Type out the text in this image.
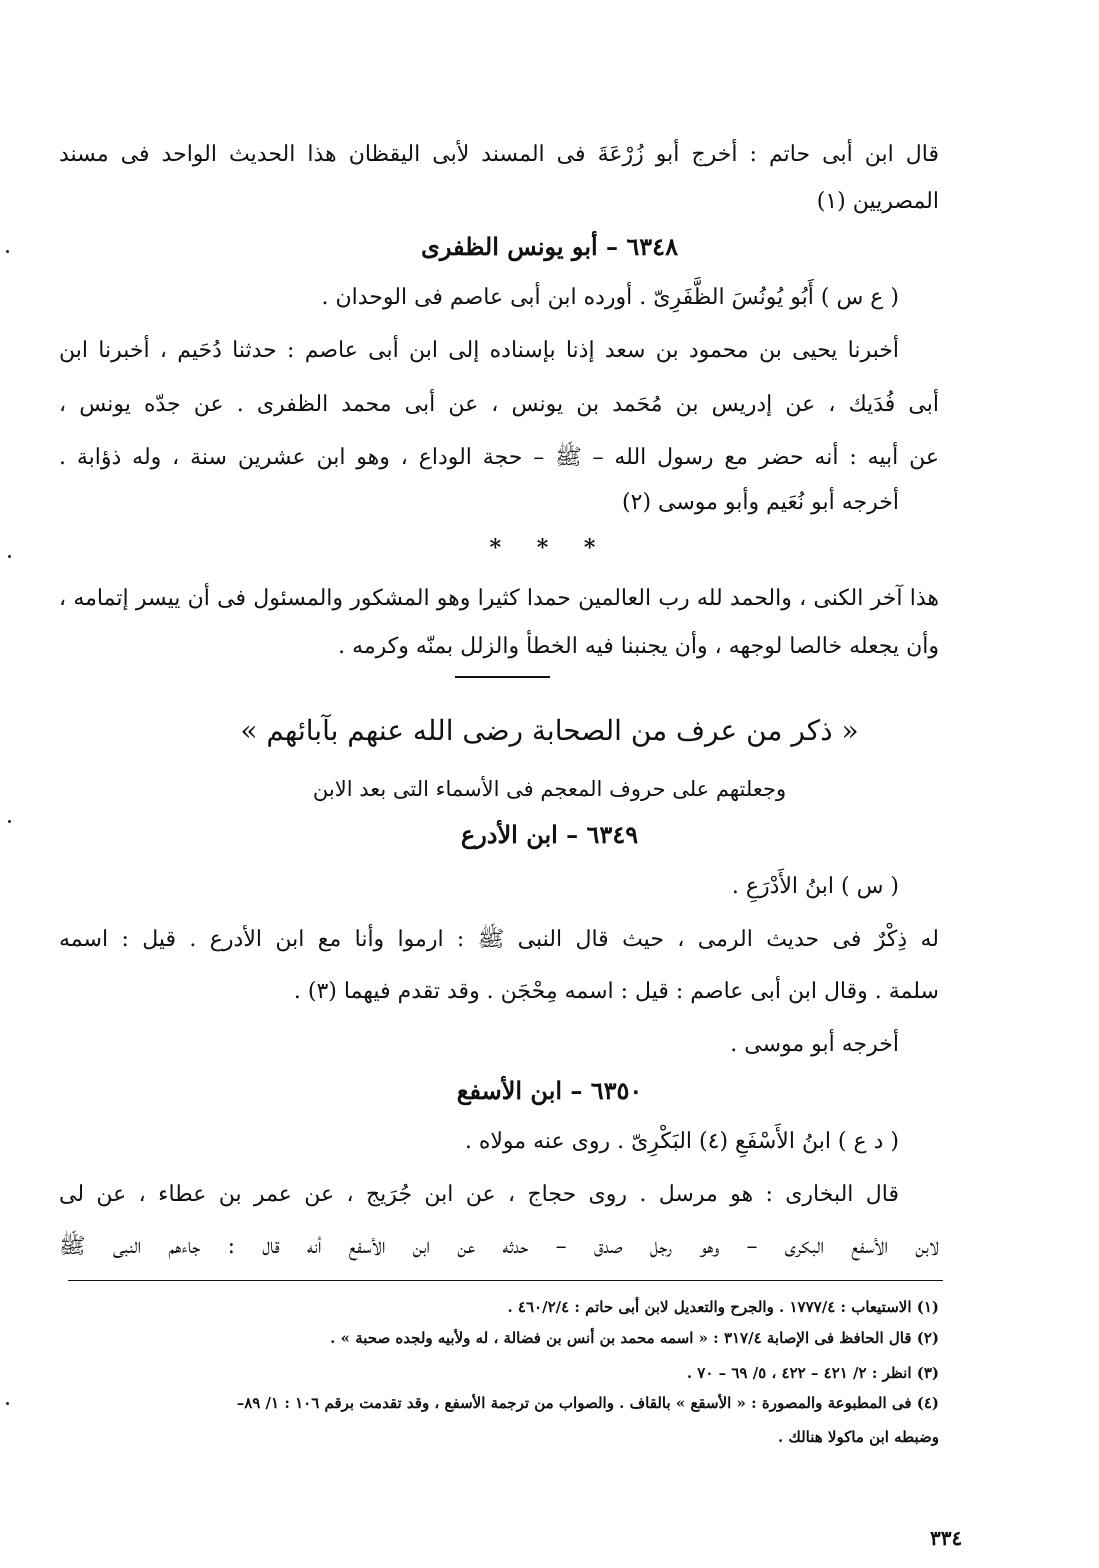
قال ابن أبى حاتم : أخرج أبو زُرْعَةَ فى المسند لأبى اليقظان هذا الحديث الواحد فى مسند
المصريين (١)
٦٣٤٨ – أبو يونس الظفرى
( ع س ) أَبُو يُونُسَ الظَّفَرِىّ . أورده ابن أبى عاصم فى الوحدان .
أخبرنا يحيى بن محمود بن سعد إذنا بإسناده إلى ابن أبى عاصم : حدثنا دُحَيم ، أخبرنا ابن
أبى فُدَيك ، عن إدريس بن مُحَمد بن يونس ، عن أبى محمد الظفرى . عن جدّه يونس ،
عن أبيه : أنه حضر مع رسول الله – ﷺ – حجة الوداع ، وهو ابن عشرين سنة ، وله ذؤابة .
أخرجه أبو نُعَيم وأبو موسى (٢)
* * *
هذا آخر الكنى ، والحمد لله رب العالمين حمدا كثيرا وهو المشكور والمسئول فى أن ييسر إتمامه ،
وأن يجعله خالصا لوجهه ، وأن يجنبنا فيه الخطأ والزلل بمنّه وكرمه .
« ذكر من عرف من الصحابة رضى الله عنهم بآبائهم »
وجعلتهم على حروف المعجم فى الأسماء التى بعد الابن
٦٣٤٩ – ابن الأدرع
( س ) ابنُ الأَدْرَعِ .
له ذِكْرٌ فى حديث الرمى ، حيث قال النبى ﷺ : ارموا وأنا مع ابن الأدرع . قيل : اسمه
سلمة . وقال ابن أبى عاصم : قيل : اسمه مِحْجَن . وقد تقدم فيهما (٣) .
أخرجه أبو موسى .
٦٣٥٠ – ابن الأسفع
( د ع ) ابنُ الأَسْفَعِ (٤) البَكْرِىّ . روى عنه مولاه .
قال البخارى : هو مرسل . روى حجاج ، عن ابن جُرَيج ، عن عمر بن عطاء ، عن لى
لابن الأسفع البكرى – وهو رجل صدق – حدثه عن ابن الأسفع أنه قال : جاءهم النبى ﷺ
(١) الاستيعاب : ١٧٧٧/٤ . والجرح والتعديل لابن أبى حاتم : ٤٦٠/٢/٤ .
(٢) قال الحافظ فى الإصابة ٣١٧/٤ : « اسمه محمد بن أنس بن فضالة ، له ولأبيه ولجده صحبة » .
(٣) انظر : ٢/ ٤٢١ – ٤٢٢ ، ٥/ ٦٩ – ٧٠ .
(٤) فى المطبوعة والمصورة : « الأسقع » بالقاف . والصواب من ترجمة الأسفع ، وقد تقدمت برقم ١٠٦ : ١/ ٨٩–
وضبطه ابن ماكولا هنالك .
٣٣٤
